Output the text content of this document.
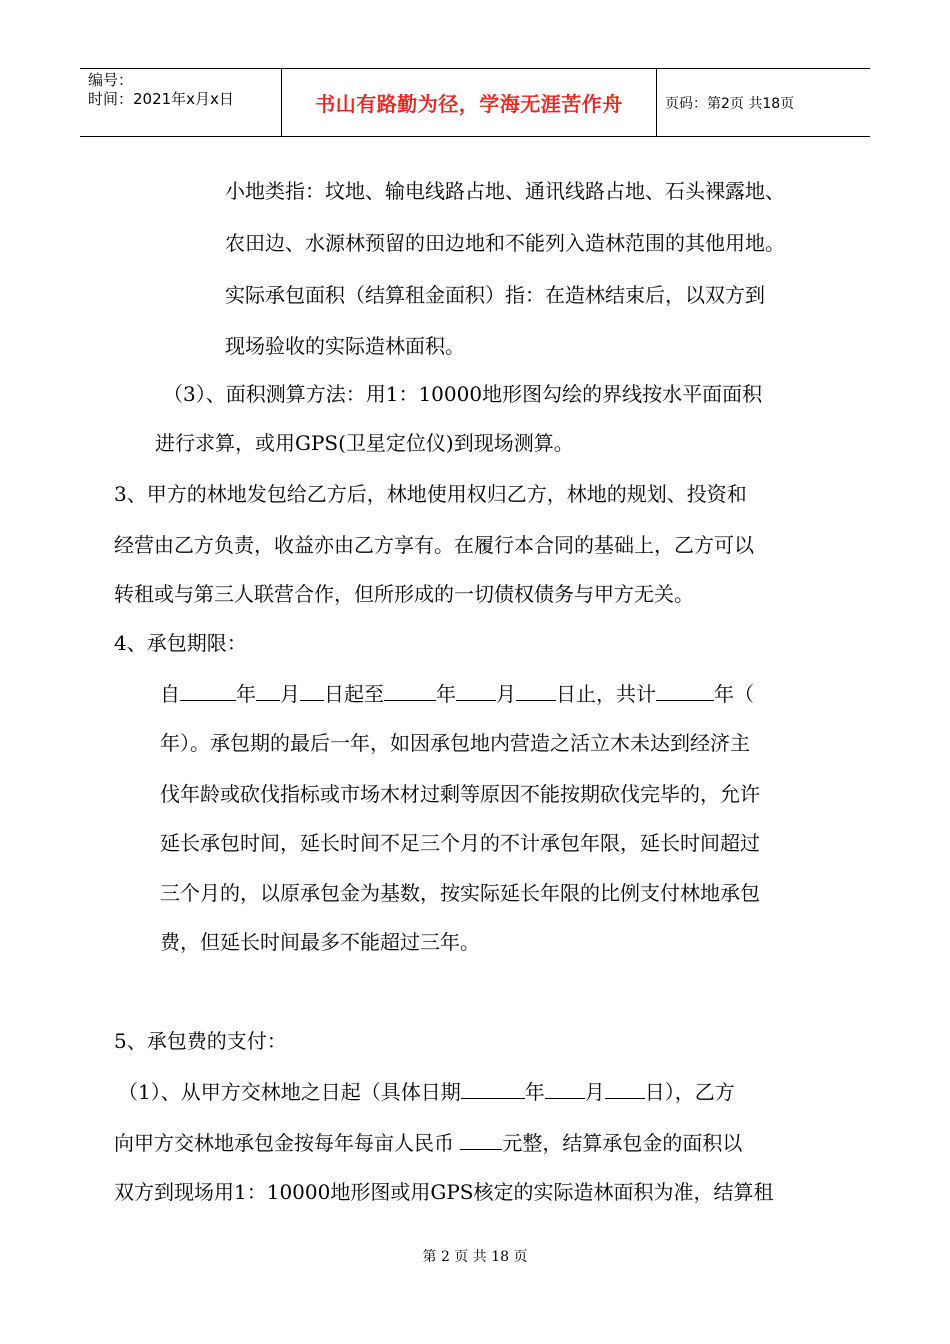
编号：
时间：2021年x月x日	书山有路勤为径，学海无涯苦作舟	页码：第2页 共18页
小地类指：坟地、输电线路占地、通讯线路占地、石头裸露地、
农田边、水源林预留的田边地和不能列入造林范围的其他用地。
实际承包面积（结算租金面积）指：在造林结束后，以双方到
现场验收的实际造林面积。
（3）、面积测算方法：用1：10000地形图勾绘的界线按水平面面积
进行求算，或用GPS(卫星定位仪)到现场测算。
3、甲方的林地发包给乙方后，林地使用权归乙方，林地的规划、投资和
经营由乙方负责，收益亦由乙方享有。在履行本合同的基础上，乙方可以
转租或与第三人联营合作，但所形成的一切债权债务与甲方无关。
4、承包期限：
自	年 月 日起至	年 月 日止，共计	年（
年）。承包期的最后一年，如因承包地内营造之活立木未达到经济主
伐年龄或砍伐指标或市场木材过剩等原因不能按期砍伐完毕的，允许
延长承包时间，延长时间不足三个月的不计承包年限，延长时间超过
三个月的，以原承包金为基数，按实际延长年限的比例支付林地承包
费，但延长时间最多不能超过三年。
5、承包费的支付：
（1）、从甲方交林地之日起（具体日期	年 月 日），乙方
向甲方交林地承包金按每年每亩人民币 元整，结算承包金的面积以
双方到现场用1：10000地形图或用GPS核定的实际造林面积为准，结算租
第 2 页 共 18 页
